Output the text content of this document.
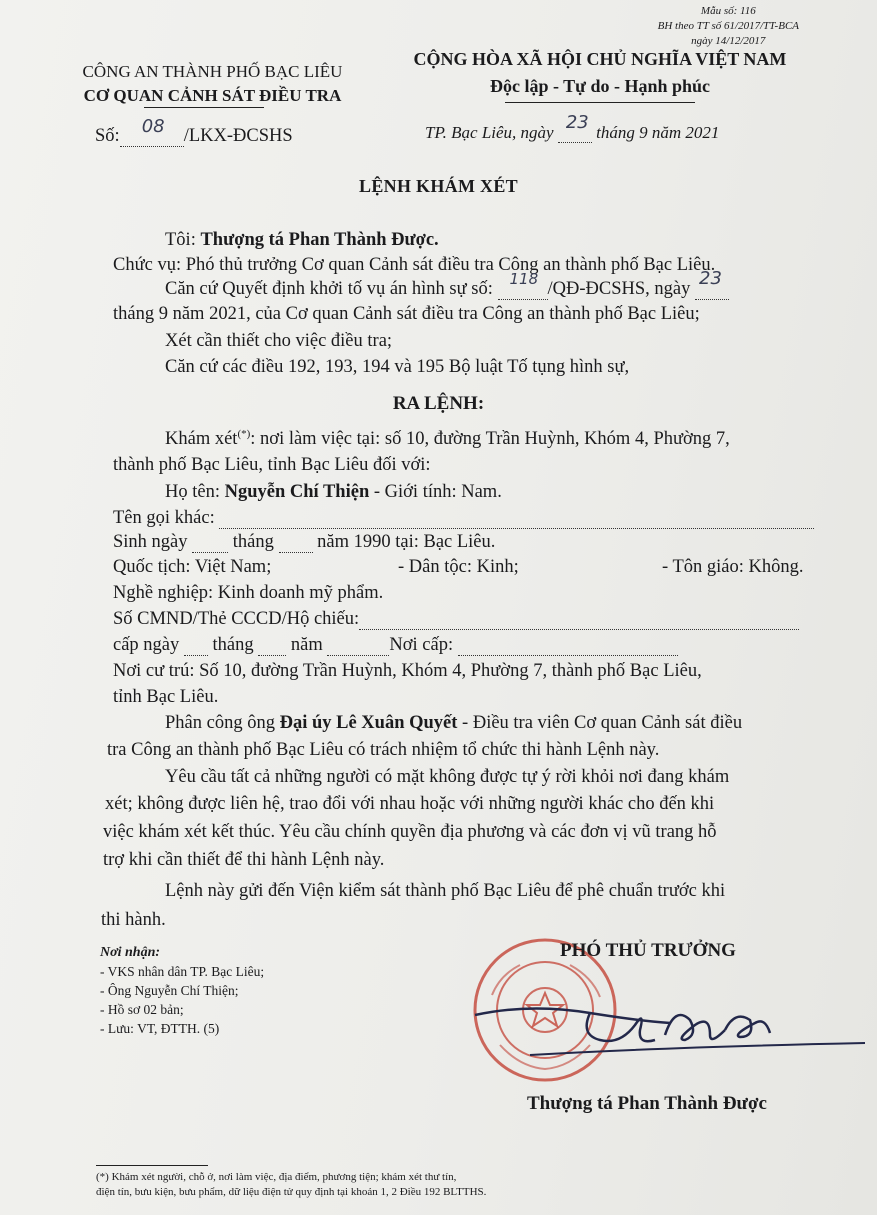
Mẫu số: 116
BH theo TT số 61/2017/TT-BCA
ngày 14/12/2017
CÔNG AN THÀNH PHỐ BẠC LIÊU
CƠ QUAN CẢNH SÁT ĐIỀU TRA
CỘNG HÒA XÃ HỘI CHỦ NGHĨA VIỆT NAM
Độc lập - Tự do - Hạnh phúc
Số: 08 /LKX-ĐCSHS	TP. Bạc Liêu, ngày 23 tháng 9 năm 2021
LỆNH KHÁM XÉT
Tôi: Thượng tá Phan Thành Được.
Chức vụ: Phó thủ trưởng Cơ quan Cảnh sát điều tra Công an thành phố Bạc Liêu.
Căn cứ Quyết định khởi tố vụ án hình sự số: 118 /QĐ-ĐCSHS, ngày 23
tháng 9 năm 2021, của Cơ quan Cảnh sát điều tra Công an thành phố Bạc Liêu;
Xét cần thiết cho việc điều tra;
Căn cứ các điều 192, 193, 194 và 195 Bộ luật Tố tụng hình sự,
RA LỆNH:
Khám xét(*): nơi làm việc tại: số 10, đường Trần Huỳnh, Khóm 4, Phường 7,
thành phố Bạc Liêu, tỉnh Bạc Liêu đối với:
Họ tên: Nguyễn Chí Thiện - Giới tính: Nam.
Tên gọi khác:
Sinh ngày tháng năm 1990 tại: Bạc Liêu.
Quốc tịch: Việt Nam;	- Dân tộc: Kinh;	- Tôn giáo: Không.
Nghề nghiệp: Kinh doanh mỹ phẩm.
Số CMND/Thẻ CCCD/Hộ chiếu:
cấp ngày tháng năm	Nơi cấp:
Nơi cư trú: Số 10, đường Trần Huỳnh, Khóm 4, Phường 7, thành phố Bạc Liêu,
tỉnh Bạc Liêu.
Phân công ông Đại úy Lê Xuân Quyết - Điều tra viên Cơ quan Cảnh sát điều
tra Công an thành phố Bạc Liêu có trách nhiệm tổ chức thi hành Lệnh này.
Yêu cầu tất cả những người có mặt không được tự ý rời khỏi nơi đang khám
xét; không được liên hệ, trao đổi với nhau hoặc với những người khác cho đến khi
việc khám xét kết thúc. Yêu cầu chính quyền địa phương và các đơn vị vũ trang hỗ
trợ khi cần thiết để thi hành Lệnh này.
Lệnh này gửi đến Viện kiểm sát thành phố Bạc Liêu để phê chuẩn trước khi
thi hành.
Nơi nhận:
- VKS nhân dân TP. Bạc Liêu;
- Ông Nguyễn Chí Thiện;
- Hồ sơ 02 bản;
- Lưu: VT, ĐTTH. (5)
PHÓ THỦ TRƯỞNG
Thượng tá Phan Thành Được
(*) Khám xét người, chỗ ở, nơi làm việc, địa điểm, phương tiện; khám xét thư tín,
điện tín, bưu kiện, bưu phẩm, dữ liệu điện tử quy định tại khoản 1, 2 Điều 192 BLTTHS.
